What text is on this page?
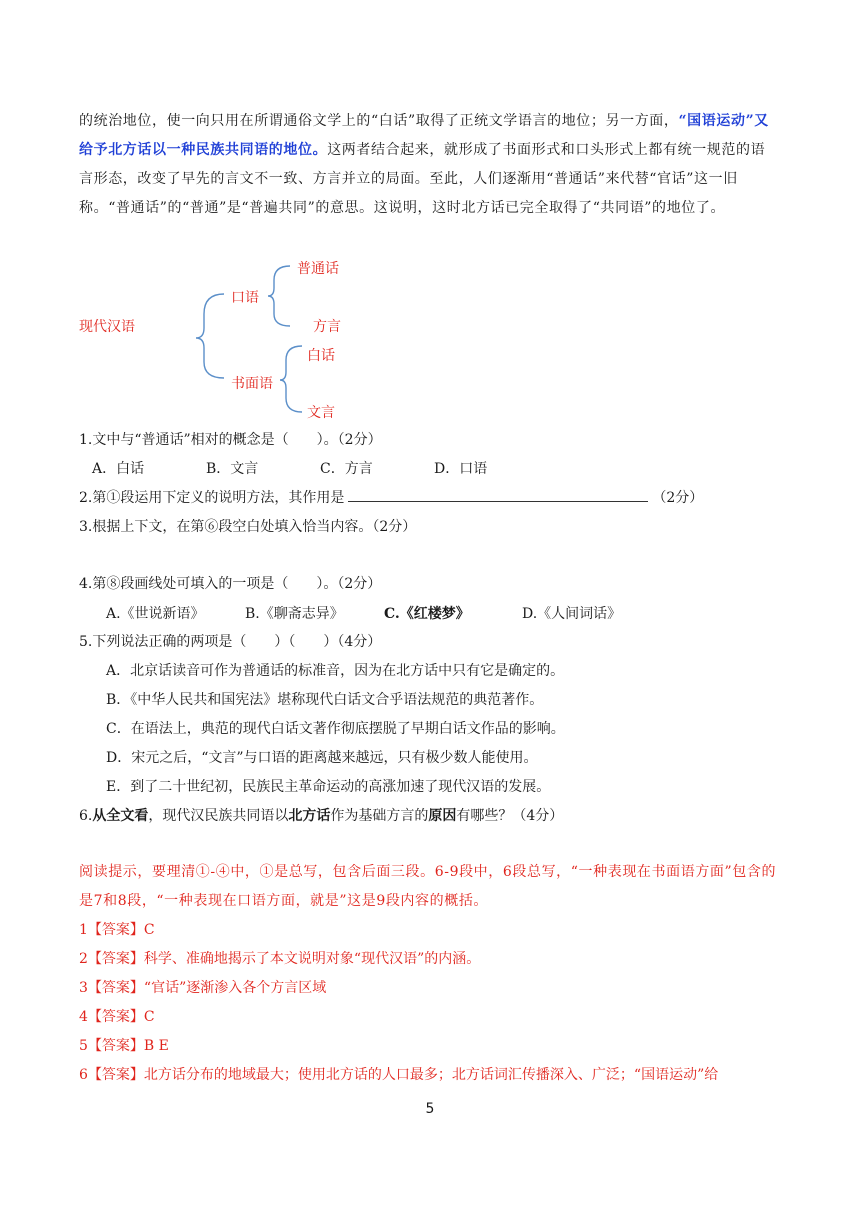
的统治地位，使一向只用在所谓通俗文学上的“白话”取得了正统文学语言的地位；另一方面，“国语运动”又给予北方话以一种民族共同语的地位。这两者结合起来，就形成了书面形式和口头形式上都有统一规范的语言形态，改变了早先的言文不一致、方言并立的局面。至此，人们逐渐用“普通话”来代替“官话”这一旧称。“普通话”的“普通”是“普遍共同”的意思。这说明，这时北方话已完全取得了“共同语”的地位了。
现代汉语
口语
普通话
方言
书面语
白话
文言
1.文中与“普通话”相对的概念是（　　）。（2分）
A．白话	B．文言	C．方言	D．口语
2.第①段运用下定义的说明方法，其作用是	（2分）
3.根据上下文，在第⑥段空白处填入恰当内容。（2分）
4.第⑧段画线处可填入的一项是（　　）。（2分）
A.《世说新语》	B.《聊斋志异》	C.《红楼梦》	D.《人间词话》
5.下列说法正确的两项是（　　）（　　）（4分）
A．北京话读音可作为普通话的标准音，因为在北方话中只有它是确定的。
B．《中华人民共和国宪法》堪称现代白话文合乎语法规范的典范著作。
C．在语法上，典范的现代白话文著作彻底摆脱了早期白话文作品的影响。
D．宋元之后，“文言”与口语的距离越来越远，只有极少数人能使用。
E．到了二十世纪初，民族民主革命运动的高涨加速了现代汉语的发展。
6.从全文看，现代汉民族共同语以北方话作为基础方言的原因有哪些？（4分）
阅读提示，要理清①-④中，①是总写，包含后面三段。6-9段中，6段总写，“一种表现在书面语方面”包含的是7和8段，“一种表现在口语方面，就是”这是9段内容的概括。
1【答案】C
2【答案】科学、准确地揭示了本文说明对象“现代汉语”的内涵。
3【答案】“官话”逐渐渗入各个方言区域
4【答案】C
5【答案】B E
6【答案】北方话分布的地域最大；使用北方话的人口最多；北方话词汇传播深入、广泛；“国语运动”给
5
